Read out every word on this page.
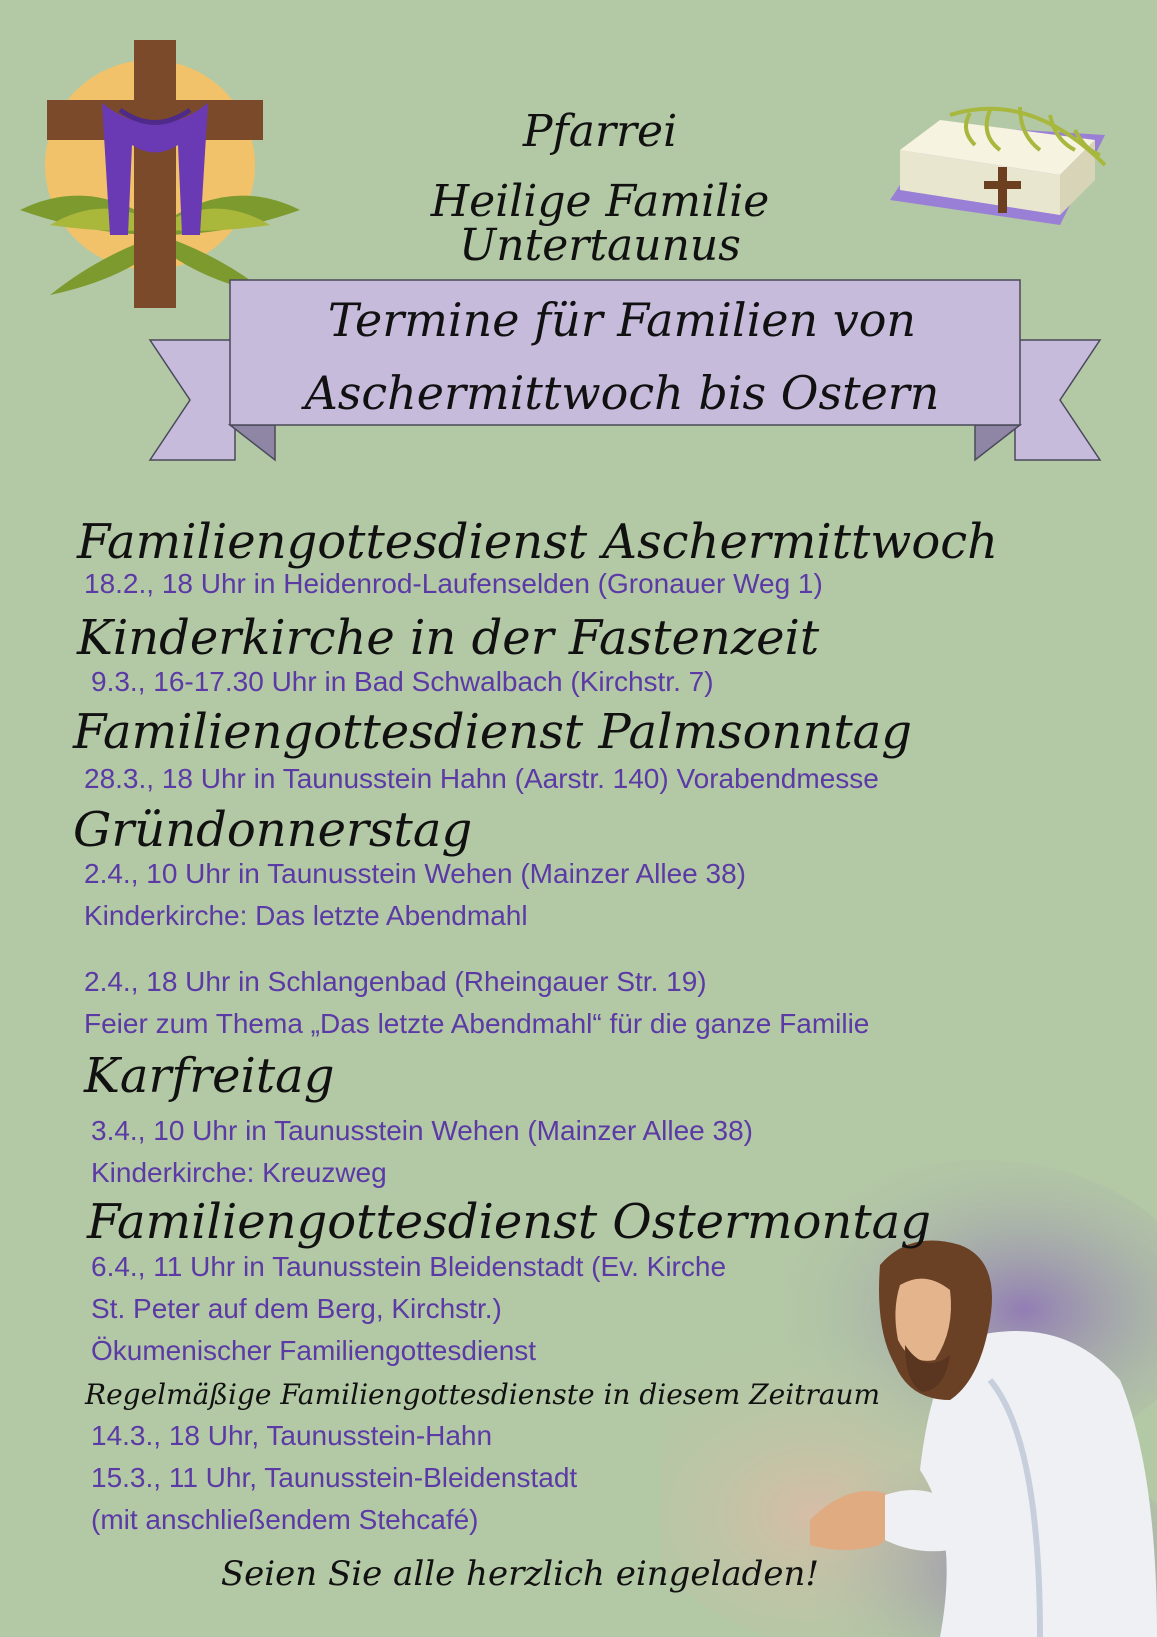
Pfarrei
Heilige Familie Untertaunus
Termine für Familien von
Aschermittwoch bis Ostern
Familiengottesdienst Aschermittwoch
18.2., 18 Uhr in Heidenrod-Laufenselden (Gronauer Weg 1)
Kinderkirche in der Fastenzeit
9.3., 16-17.30 Uhr in Bad Schwalbach (Kirchstr. 7)
Familiengottesdienst Palmsonntag
28.3., 18 Uhr in Taunusstein Hahn (Aarstr. 140) Vorabendmesse
Gründonnerstag
2.4., 10 Uhr in Taunusstein Wehen (Mainzer Allee 38)
Kinderkirche: Das letzte Abendmahl
2.4., 18 Uhr in Schlangenbad (Rheingauer Str. 19)
Feier zum Thema „Das letzte Abendmahl“ für die ganze Familie
Karfreitag
3.4., 10 Uhr in Taunusstein Wehen (Mainzer Allee 38)
Kinderkirche: Kreuzweg
Familiengottesdienst Ostermontag
6.4., 11 Uhr in Taunusstein Bleidenstadt (Ev. Kirche
St. Peter auf dem Berg, Kirchstr.)
Ökumenischer Familiengottesdienst
Regelmäßige Familiengottesdienste in diesem Zeitraum
14.3., 18 Uhr, Taunusstein-Hahn
15.3., 11 Uhr, Taunusstein-Bleidenstadt
(mit anschließendem Stehcafé)
Seien Sie alle herzlich eingeladen!
